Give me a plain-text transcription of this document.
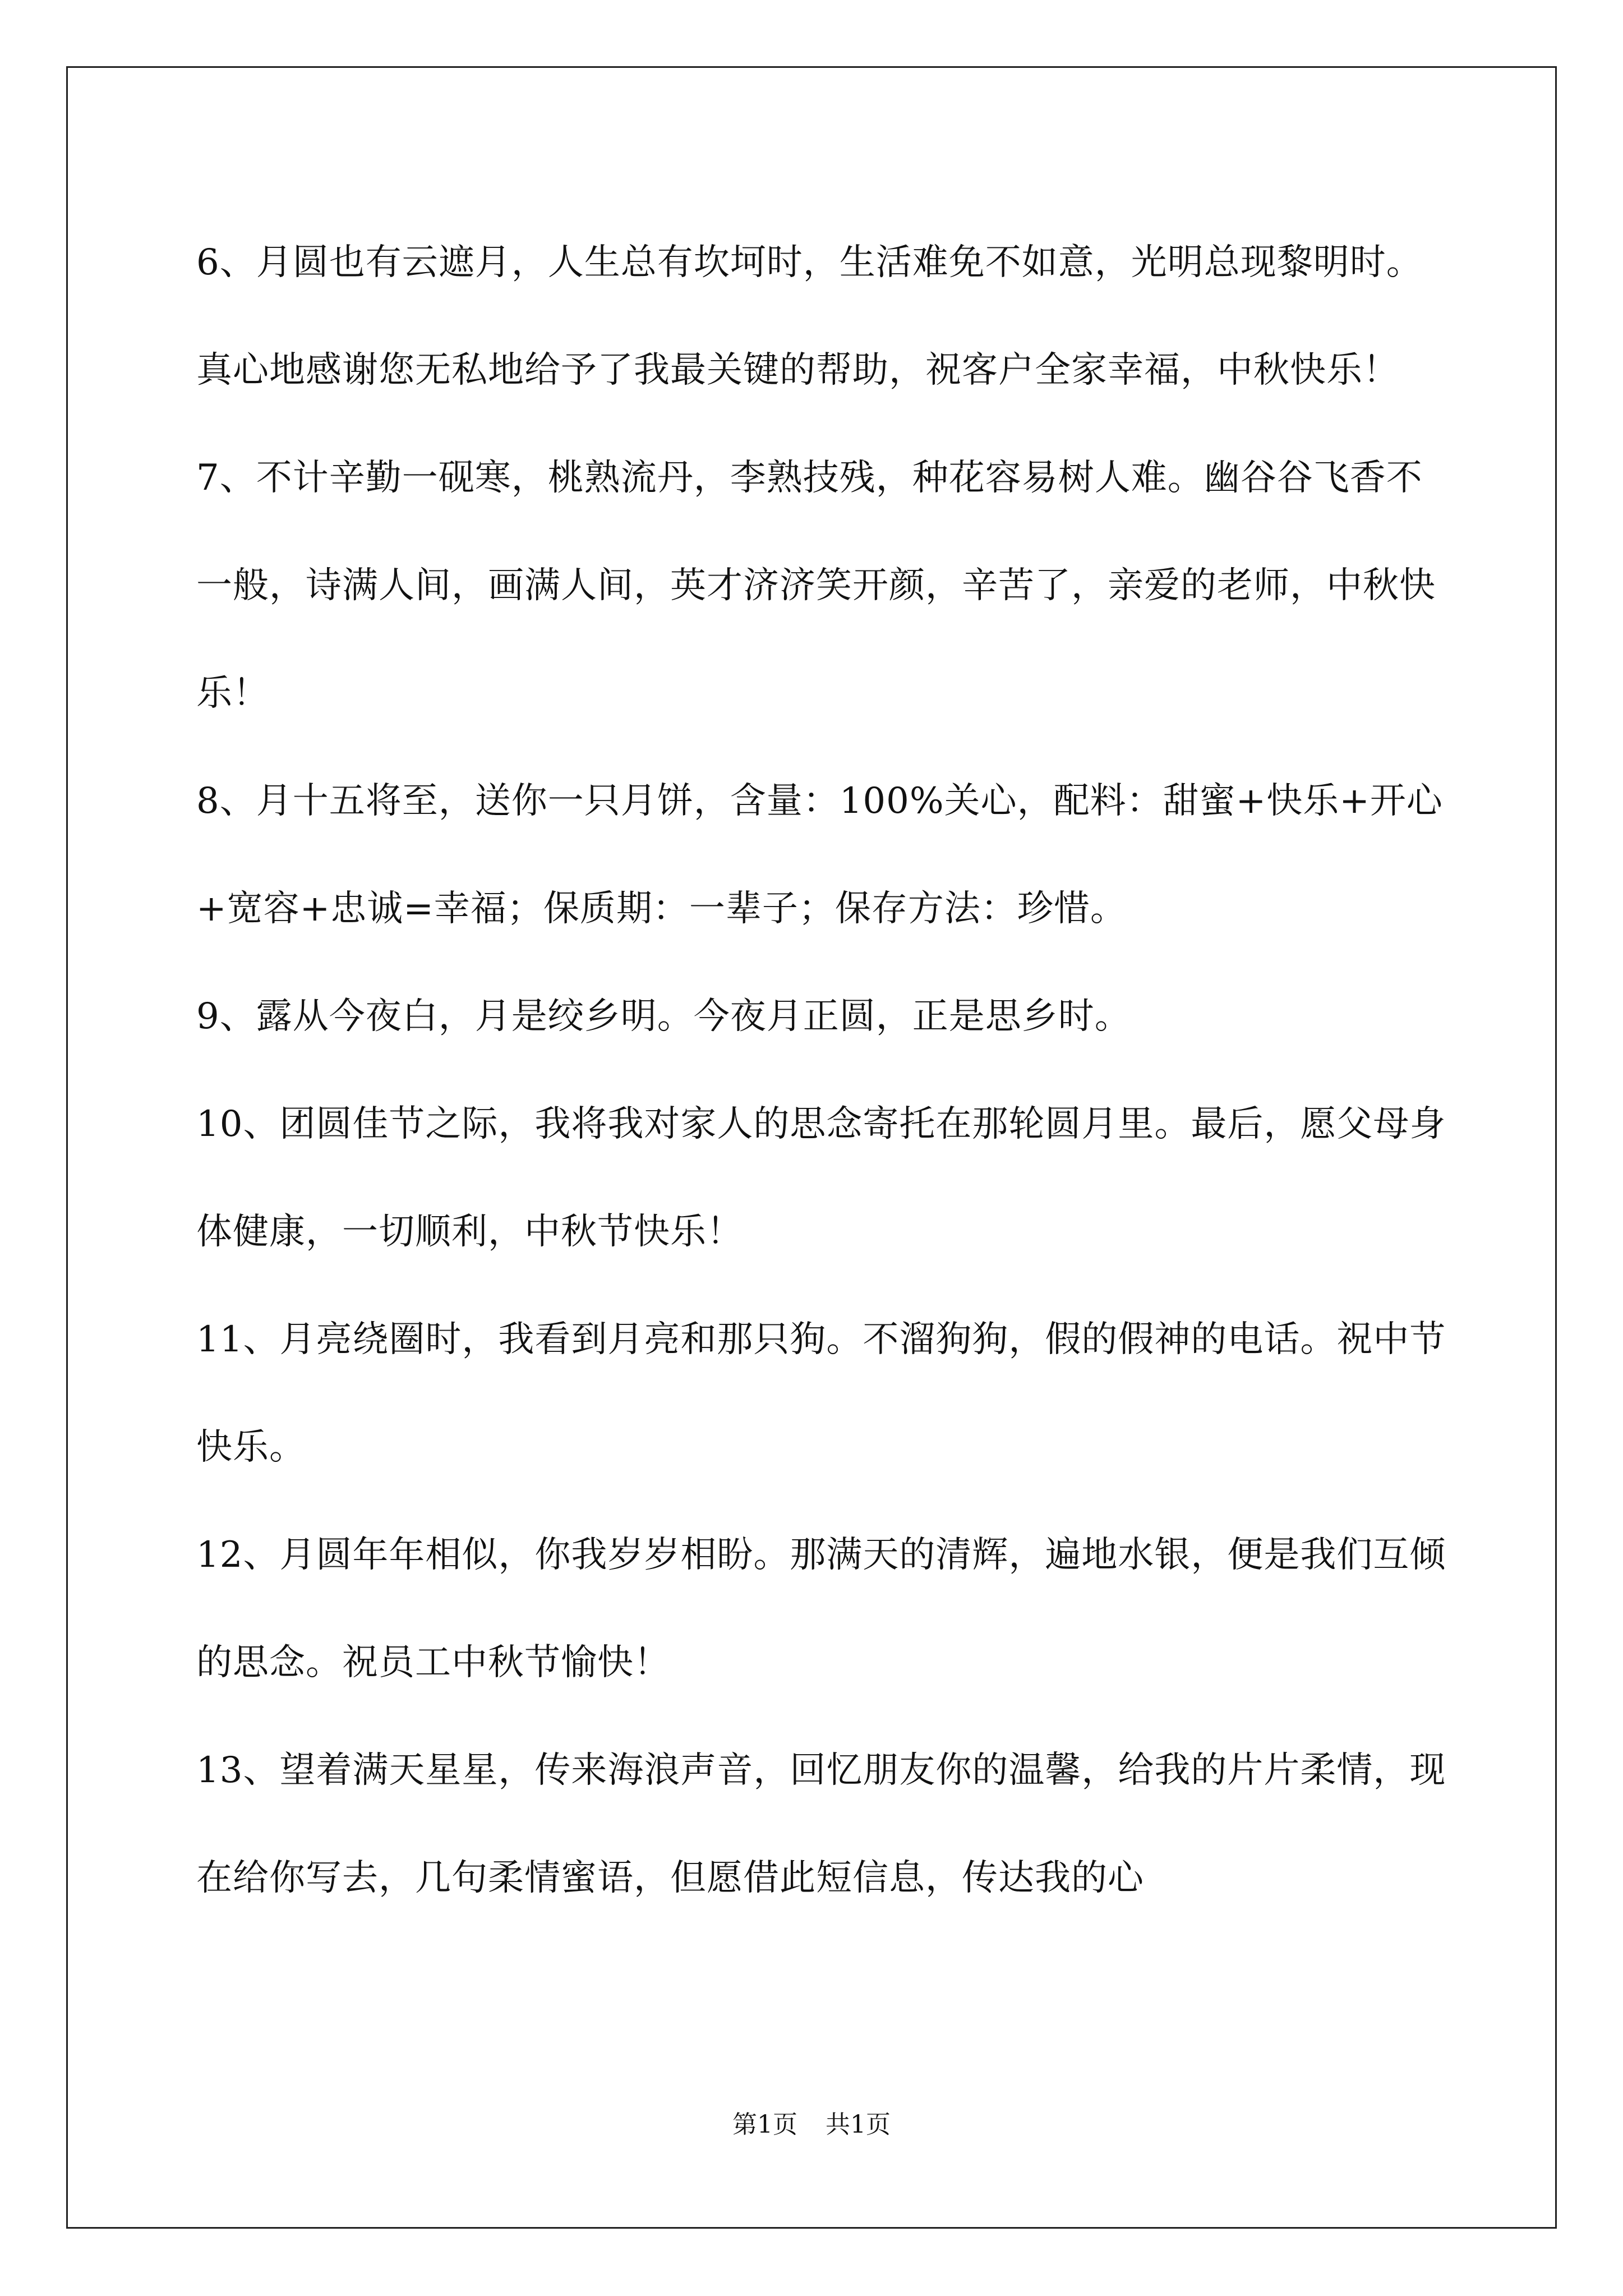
6、月圆也有云遮月，人生总有坎坷时，生活难免不如意，光明总现黎明时。真心地感谢您无私地给予了我最关键的帮助，祝客户全家幸福，中秋快乐！

7、不计辛勤一砚寒，桃熟流丹，李熟技残，种花容易树人难。幽谷谷飞香不一般，诗满人间，画满人间，英才济济笑开颜，辛苦了，亲爱的老师，中秋快乐！

8、月十五将至，送你一只月饼，含量：100%关心，配料：甜蜜+快乐+开心+宽容+忠诚=幸福；保质期：一辈子；保存方法：珍惜。

9、露从今夜白，月是绞乡明。今夜月正圆，正是思乡时。

10、团圆佳节之际，我将我对家人的思念寄托在那轮圆月里。最后，愿父母身体健康，一切顺利，中秋节快乐！

11、月亮绕圈时，我看到月亮和那只狗。不溜狗狗，假的假神的电话。祝中节快乐。

12、月圆年年相似，你我岁岁相盼。那满天的清辉，遍地水银，便是我们互倾的思念。祝员工中秋节愉快！

13、望着满天星星，传来海浪声音，回忆朋友你的温馨，给我的片片柔情，现在给你写去，几句柔情蜜语，但愿借此短信息，传达我的心

第1页 共1页
